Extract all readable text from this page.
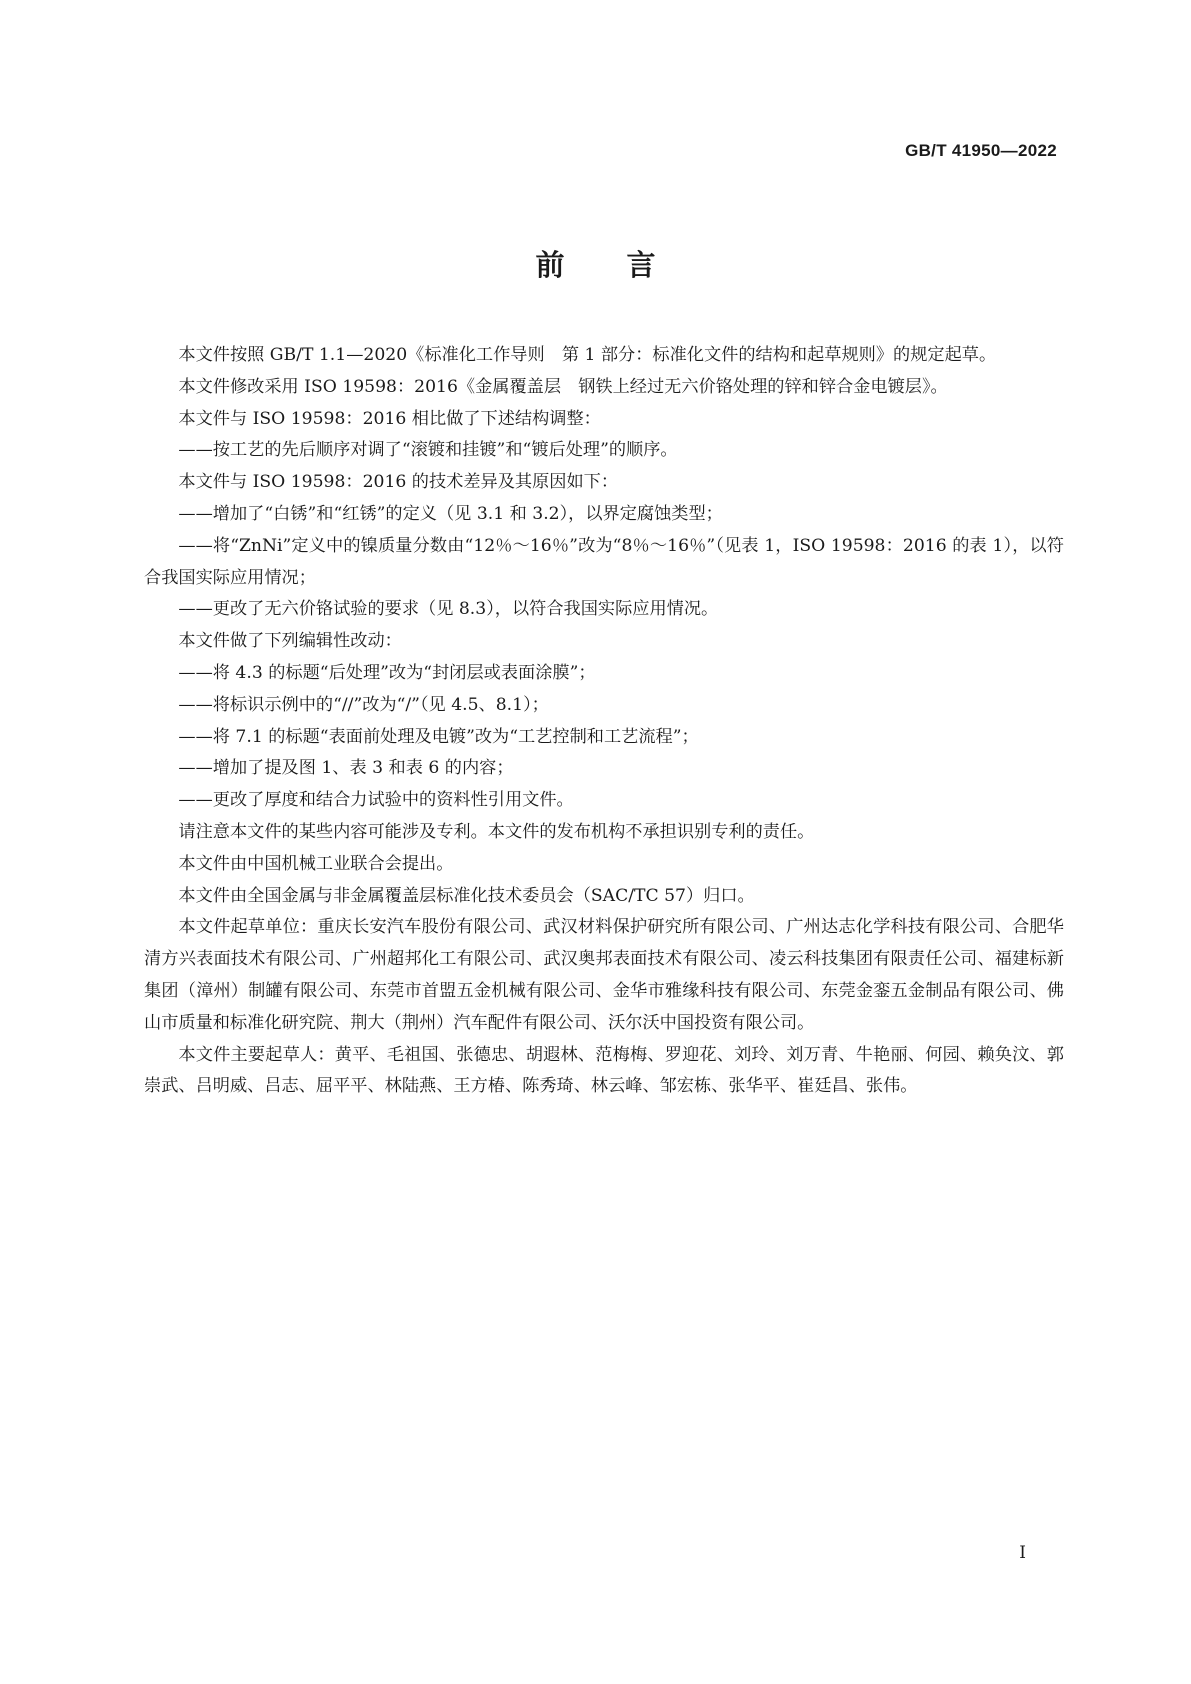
GB/T 41950—2022
前言

本文件按照 GB/T 1.1—2020《标准化工作导则　第 1 部分：标准化文件的结构和起草规则》的规定起草。

本文件修改采用 ISO 19598：2016《金属覆盖层　钢铁上经过无六价铬处理的锌和锌合金电镀层》。

本文件与 ISO 19598：2016 相比做了下述结构调整：

——按工艺的先后顺序对调了“滚镀和挂镀”和“镀后处理”的顺序。

本文件与 ISO 19598：2016 的技术差异及其原因如下：

——增加了“白锈”和“红锈”的定义（见 3.1 和 3.2），以界定腐蚀类型；

——将“ZnNi”定义中的镍质量分数由“12％～16％”改为“8％～16％”（见表 1，ISO 19598：2016 的表 1），以符合我国实际应用情况；

——更改了无六价铬试验的要求（见 8.3），以符合我国实际应用情况。

本文件做了下列编辑性改动：

——将 4.3 的标题“后处理”改为“封闭层或表面涂膜”；

——将标识示例中的“//”改为“/”（见 4.5、8.1）；

——将 7.1 的标题“表面前处理及电镀”改为“工艺控制和工艺流程”；

——增加了提及图 1、表 3 和表 6 的内容；

——更改了厚度和结合力试验中的资料性引用文件。

请注意本文件的某些内容可能涉及专利。本文件的发布机构不承担识别专利的责任。

本文件由中国机械工业联合会提出。

本文件由全国金属与非金属覆盖层标准化技术委员会（SAC/TC 57）归口。

本文件起草单位：重庆长安汽车股份有限公司、武汉材料保护研究所有限公司、广州达志化学科技有限公司、合肥华清方兴表面技术有限公司、广州超邦化工有限公司、武汉奥邦表面技术有限公司、凌云科技集团有限责任公司、福建标新集团（漳州）制罐有限公司、东莞市首盟五金机械有限公司、金华市雅缘科技有限公司、东莞金銮五金制品有限公司、佛山市质量和标准化研究院、荆大（荆州）汽车配件有限公司、沃尔沃中国投资有限公司。

本文件主要起草人：黄平、毛祖国、张德忠、胡遐林、范梅梅、罗迎花、刘玲、刘万青、牛艳丽、何园、赖奂汶、郭崇武、吕明威、吕志、屈平平、林陆燕、王方椿、陈秀琦、林云峰、邹宏栋、张华平、崔廷昌、张伟。

I
